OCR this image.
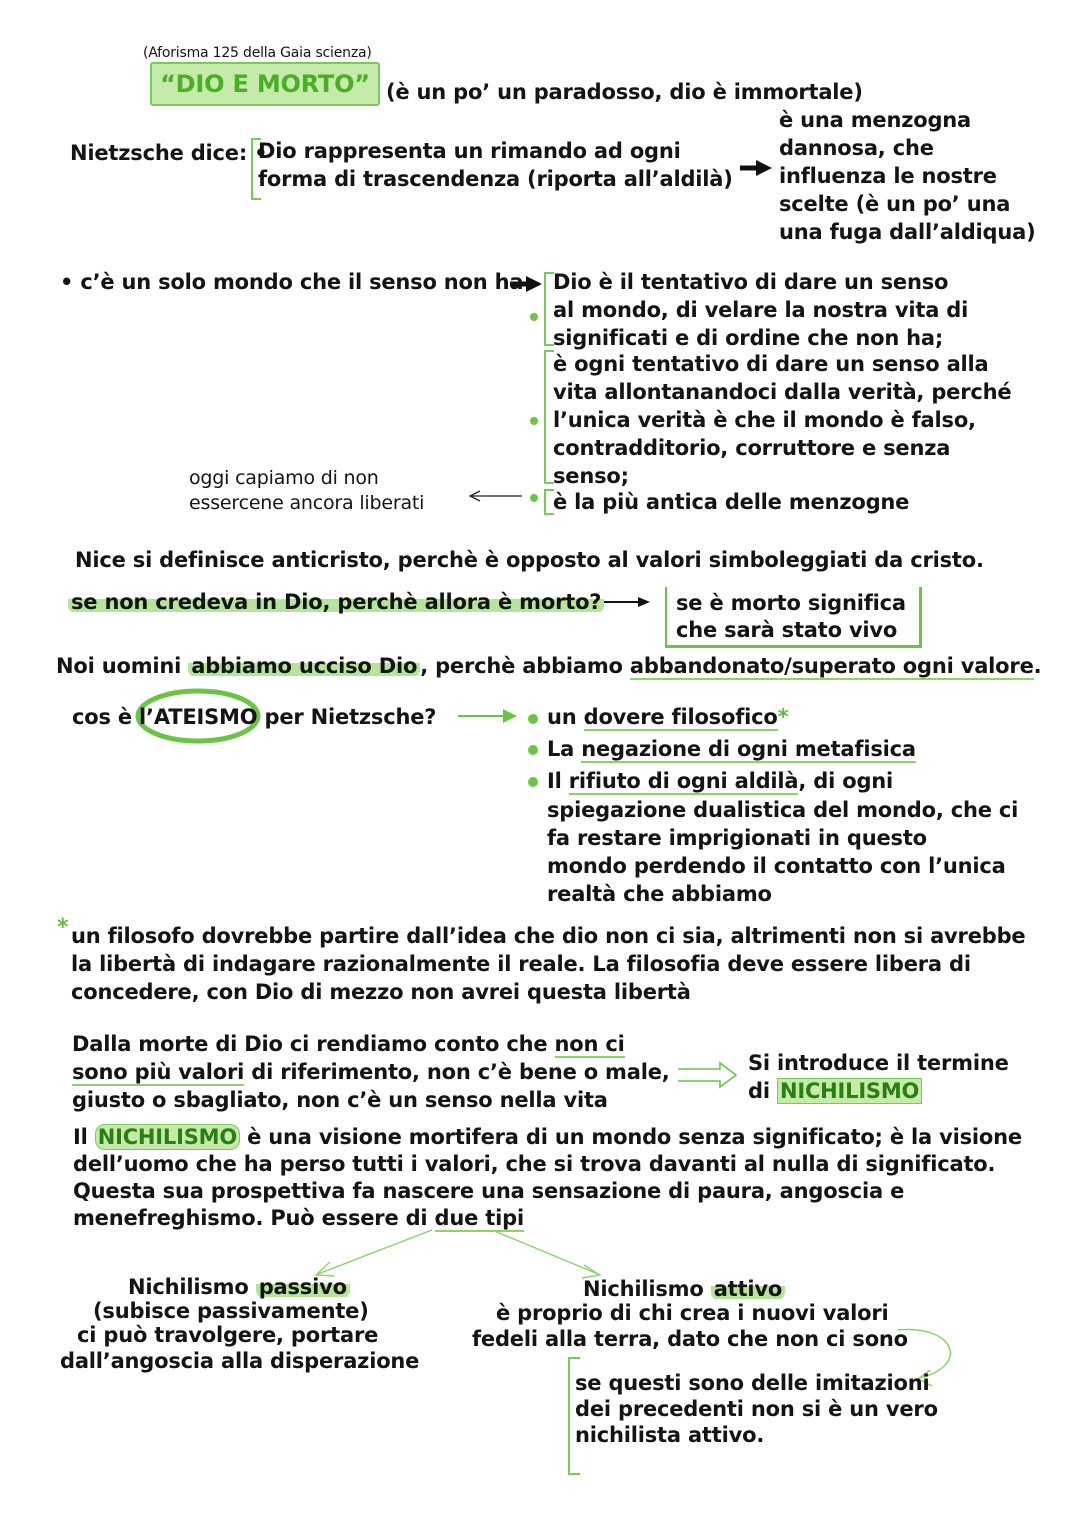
(Aforisma 125 della Gaia scienza)
“DIO E MORTO” (è un po’ un paradosso, dio è immortale)
Nietzsche dice: •
Dio rappresenta un rimando ad ogni
forma di trascendenza (riporta all’aldilà)
è una menzogna
dannosa, che
influenza le nostre
scelte (è un po’ una
una fuga dall’aldiqua)
• c’è un solo mondo che il senso non ha Dio è il tentativo di dare un senso
al mondo, di velare la nostra vita di
significati e di ordine che non ha;
è ogni tentativo di dare un senso alla
vita allontanandoci dalla verità, perché
l’unica verità è che il mondo è falso,
contradditorio, corruttore e senza
senso;
è la più antica delle menzogne
oggi capiamo di non
essercene ancora liberati
Nice si definisce anticristo, perchè è opposto al valori simboleggiati da cristo.
se non credeva in Dio, perchè allora è morto?	se è morto significa
che sarà stato vivo
Noi uomini abbiamo ucciso Dio , perchè abbiamo abbandonato/superato ogni valore.
cos è l’ATEISMO per Nietzsche?	un dovere filosofico*
La negazione di ogni metafisica
Il rifiuto di ogni aldilà, di ogni
spiegazione dualistica del mondo, che ci
fa restare imprigionati in questo
mondo perdendo il contatto con l’unica
realtà che abbiamo
* un filosofo dovrebbe partire dall’idea che dio non ci sia, altrimenti non si avrebbe
la libertà di indagare razionalmente il reale. La filosofia deve essere libera di
concedere, con Dio di mezzo non avrei questa libertà
Dalla morte di Dio ci rendiamo conto che non ci
sono più valori di riferimento, non c’è bene o male,
giusto o sbagliato, non c’è un senso nella vita
Si introduce il termine
di NICHILISMO
Il NICHILISMO è una visione mortifera di un mondo senza significato; è la visione
dell’uomo che ha perso tutti i valori, che si trova davanti al nulla di significato.
Questa sua prospettiva fa nascere una sensazione di paura, angoscia e
menefreghismo. Può essere di due tipi
Nichilismo passivo
(subisce passivamente)
ci può travolgere, portare
dall’angoscia alla disperazione
Nichilismo attivo
è proprio di chi crea i nuovi valori
fedeli alla terra, dato che non ci sono
se questi sono delle imitazioni
dei precedenti non si è un vero
nichilista attivo.
